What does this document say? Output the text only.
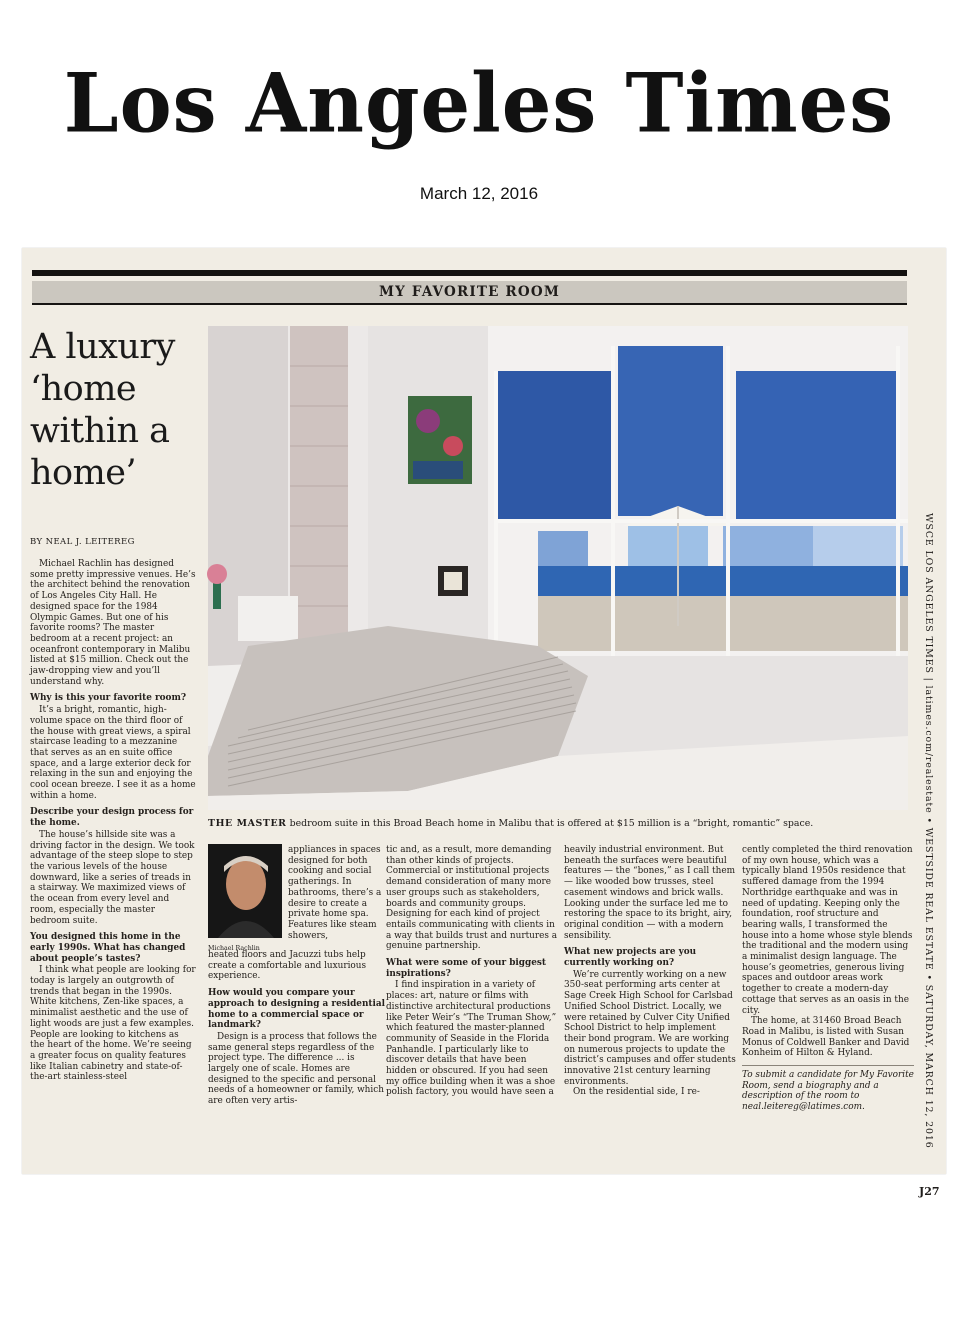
Los Angeles Times
March 12, 2016
MY FAVORITE ROOM
A luxury ‘home within a home’
BY NEAL J. LEITEREG

Michael Rachlin has designed some pretty impressive venues. He’s the architect behind the renovation of Los Angeles City Hall. He designed space for the 1984 Olympic Games. But one of his favorite rooms? The master bedroom at a recent project: an oceanfront contemporary in Malibu listed at $15 million. Check out the jaw-dropping view and you’ll understand why.

Why is this your favorite room?

It’s a bright, romantic, high-volume space on the third floor of the house with great views, a spiral staircase leading to a mezzanine that serves as an en suite office space, and a large exterior deck for relaxing in the sun and enjoying the cool ocean breeze. I see it as a home within a home.

Describe your design process for the home.

The house’s hillside site was a driving factor in the design. We took advantage of the steep slope to step the various levels of the house downward, like a series of treads in a stairway. We maximized views of the ocean from every level and room, especially the master bedroom suite.

You designed this home in the early 1990s. What has changed about people’s tastes?

I think what people are looking for today is largely an outgrowth of trends that began in the 1990s. White kitchens, Zen-like spaces, a minimalist aesthetic and the use of light woods are just a few examples. People are looking to kitchens as the heart of the home. We’re seeing a greater focus on quality features like Italian cabinetry and state-of-the-art stainless-steel

THE MASTER bedroom suite in this Broad Beach home in Malibu that is offered at $15 million is a “bright, romantic” space.
Michael Rachlin

appliances in spaces designed for both cooking and social gatherings. In bathrooms, there’s a desire to create a private home spa. Features like steam showers,

heated floors and Jacuzzi tubs help create a comfortable and luxurious experience.

How would you compare your approach to designing a residential home to a commercial space or landmark?

Design is a process that follows the same general steps regardless of the project type. The difference ... is largely one of scale. Homes are designed to the specific and personal needs of a homeowner or family, which are often very artis-

tic and, as a result, more demanding than other kinds of projects. Commercial or institutional projects demand consideration of many more user groups such as stakeholders, boards and community groups. Designing for each kind of project entails communicating with clients in a way that builds trust and nurtures a genuine partnership.

What were some of your biggest inspirations?

I find inspiration in a variety of places: art, nature or films with distinctive architectural productions like Peter Weir’s “The Truman Show,” which featured the master-planned community of Seaside in the Florida Panhandle. I particularly like to discover details that have been hidden or obscured. If you had seen my office building when it was a shoe polish factory, you would have seen a

heavily industrial environment. But beneath the surfaces were beautiful features — the “bones,” as I call them — like wooded bow trusses, steel casement windows and brick walls. Looking under the surface led me to restoring the space to its bright, airy, original condition — with a modern sensibility.

What new projects are you currently working on?

We’re currently working on a new 350-seat performing arts center at Sage Creek High School for Carlsbad Unified School District. Locally, we were retained by Culver City Unified School District to help implement their bond program. We are working on numerous projects to update the district’s campuses and offer students innovative 21st century learning environments.

On the residential side, I re-

cently completed the third renovation of my own house, which was a typically bland 1950s residence that suffered damage from the 1994 Northridge earthquake and was in need of updating. Keeping only the foundation, roof structure and bearing walls, I transformed the house into a home whose style blends the traditional and the modern using a minimalist design language. The house’s geometries, generous living spaces and outdoor areas work together to create a modern-day cottage that serves as an oasis in the city.

The home, at 31460 Broad Beach Road in Malibu, is listed with Susan Monus of Coldwell Banker and David Konheim of Hilton & Hyland.

To submit a candidate for My Favorite Room, send a biography and a description of the room to neal.leitereg@latimes.com.	WSCE LOS ANGELES TIMES | latimes.com/realestate • WESTSIDE REAL ESTATE • SATURDAY, MARCH 12, 2016
J27
